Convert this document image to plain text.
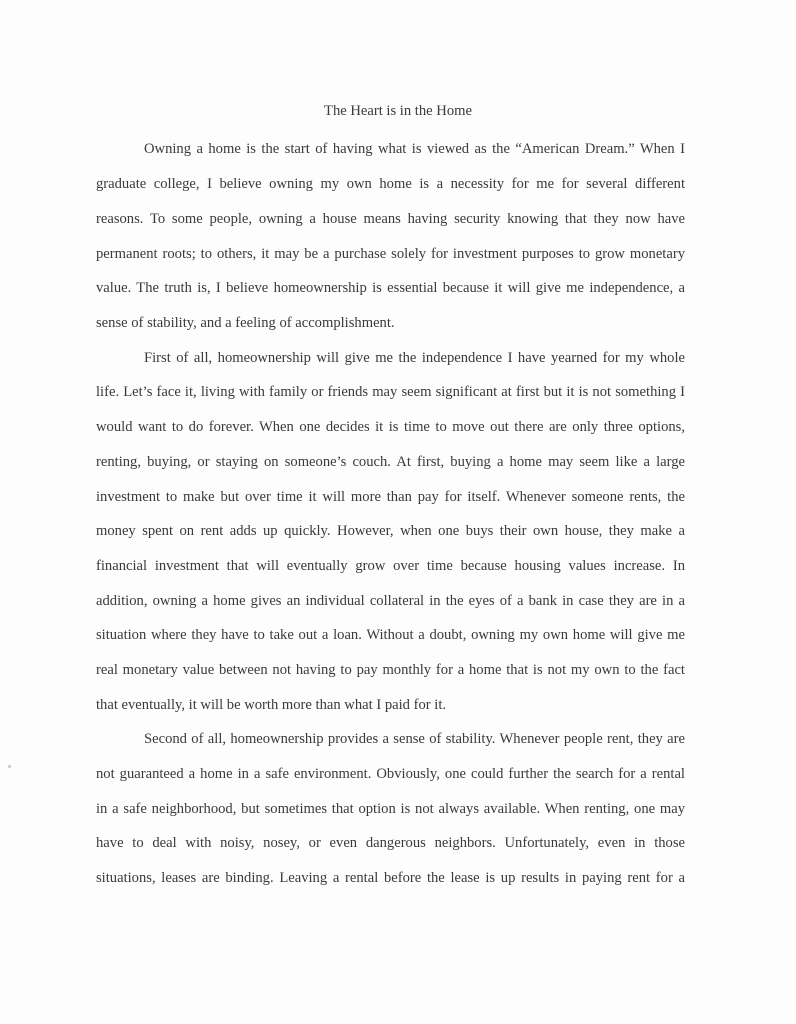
The Heart is in the Home
Owning a home is the start of having what is viewed as the “American Dream.” When I
graduate college, I believe owning my own home is a necessity for me for several different
reasons. To some people, owning a house means having security knowing that they now have
permanent roots; to others, it may be a purchase solely for investment purposes to grow monetary
value. The truth is, I believe homeownership is essential because it will give me independence, a
sense of stability, and a feeling of accomplishment.
First of all, homeownership will give me the independence I have yearned for my whole
life. Let’s face it, living with family or friends may seem significant at first but it is not something I
would want to do forever. When one decides it is time to move out there are only three options,
renting, buying, or staying on someone’s couch. At first, buying a home may seem like a large
investment to make but over time it will more than pay for itself. Whenever someone rents, the
money spent on rent adds up quickly. However, when one buys their own house, they make a
financial investment that will eventually grow over time because housing values increase. In
addition, owning a home gives an individual collateral in the eyes of a bank in case they are in a
situation where they have to take out a loan. Without a doubt, owning my own home will give me
real monetary value between not having to pay monthly for a home that is not my own to the fact
that eventually, it will be worth more than what I paid for it.
Second of all, homeownership provides a sense of stability. Whenever people rent, they are
not guaranteed a home in a safe environment. Obviously, one could further the search for a rental
in a safe neighborhood, but sometimes that option is not always available. When renting, one may
have to deal with noisy, nosey, or even dangerous neighbors. Unfortunately, even in those
situations, leases are binding. Leaving a rental before the lease is up results in paying rent for a
